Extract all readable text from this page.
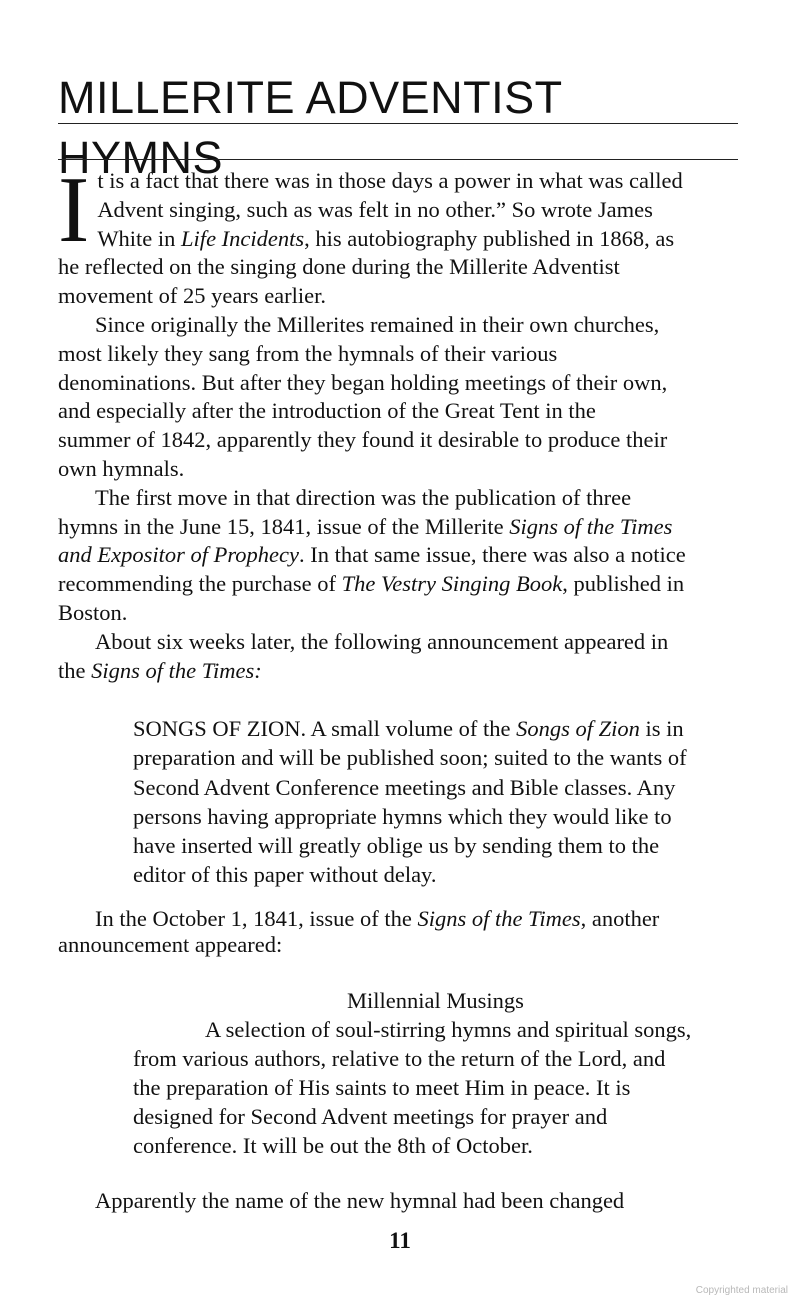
MILLERITE ADVENTIST HYMNS

I t is a fact that there was in those days a power in what was called
Advent singing, such as was felt in no other.” So wrote James
White in Life Incidents, his autobiography published in 1868, as
he reflected on the singing done during the Millerite Adventist
movement of 25 years earlier.

Since originally the Millerites remained in their own churches,
most likely they sang from the hymnals of their various
denominations. But after they began holding meetings of their own,
and especially after the introduction of the Great Tent in the
summer of 1842, apparently they found it desirable to produce their
own hymnals.

The first move in that direction was the publication of three
hymns in the June 15, 1841, issue of the Millerite Signs of the Times
and Expositor of Prophecy. In that same issue, there was also a notice
recommending the purchase of The Vestry Singing Book, published in
Boston.

About six weeks later, the following announcement appeared in
the Signs of the Times:

SONGS OF ZION. A small volume of the Songs of Zion is in
preparation and will be published soon; suited to the wants of
Second Advent Conference meetings and Bible classes. Any
persons having appropriate hymns which they would like to
have inserted will greatly oblige us by sending them to the
editor of this paper without delay.

In the October 1, 1841, issue of the Signs of the Times, another
announcement appeared:
Millennial Musings
A selection of soul-stirring hymns and spiritual songs,

from various authors, relative to the return of the Lord, and
the preparation of His saints to meet Him in peace. It is
designed for Second Advent meetings for prayer and
conference. It will be out the 8th of October.

Apparently the name of the new hymnal had been changed
11
Copyrighted material
